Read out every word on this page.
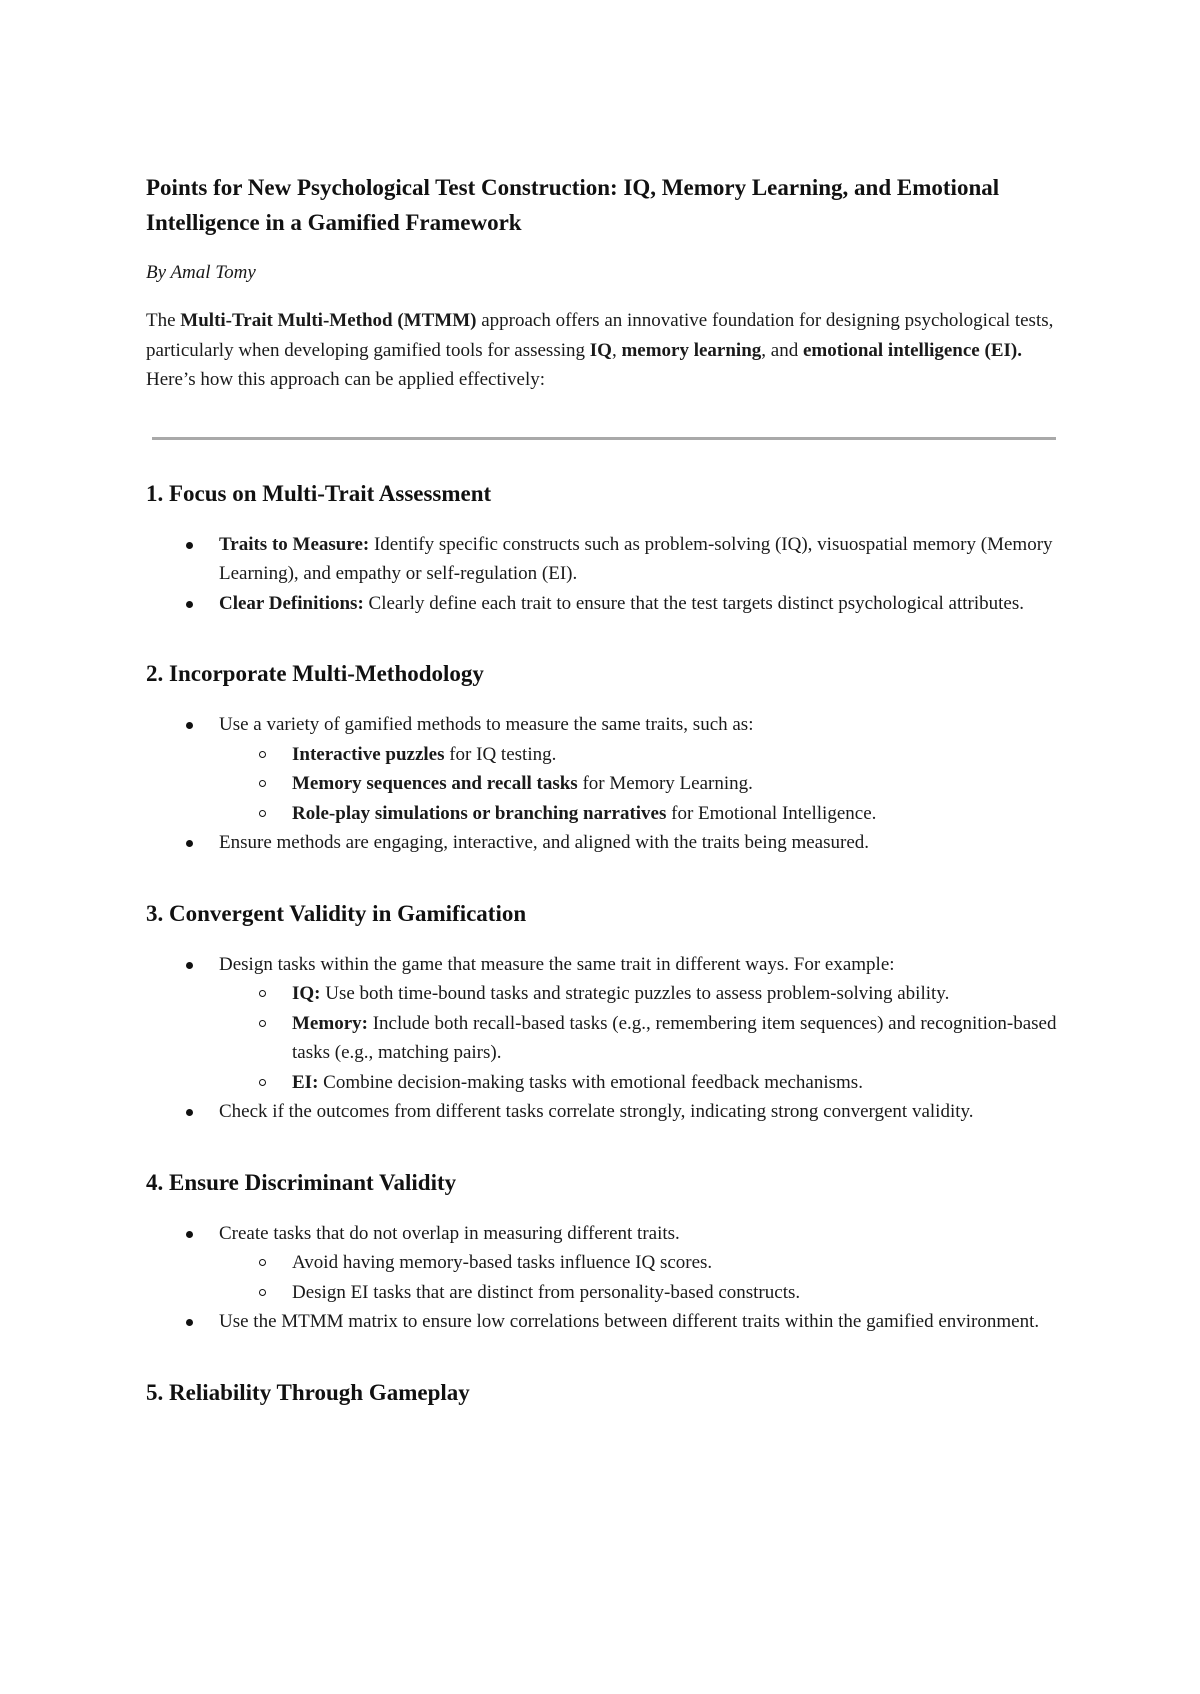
Points for New Psychological Test Construction: IQ, Memory Learning, and Emotional Intelligence in a Gamified Framework

By Amal Tomy

The Multi-Trait Multi-Method (MTMM) approach offers an innovative foundation for designing psychological tests, particularly when developing gamified tools for assessing IQ, memory learning, and emotional intelligence (EI). Here’s how this approach can be applied effectively:

1. Focus on Multi-Trait Assessment
Traits to Measure: Identify specific constructs such as problem-solving (IQ), visuospatial memory (Memory Learning), and empathy or self-regulation (EI).
Clear Definitions: Clearly define each trait to ensure that the test targets distinct psychological attributes.
2. Incorporate Multi-Methodology
Use a variety of gamified methods to measure the same traits, such as:
Interactive puzzles for IQ testing.
Memory sequences and recall tasks for Memory Learning.
Role-play simulations or branching narratives for Emotional Intelligence.
Ensure methods are engaging, interactive, and aligned with the traits being measured.
3. Convergent Validity in Gamification
Design tasks within the game that measure the same trait in different ways. For example:
IQ: Use both time-bound tasks and strategic puzzles to assess problem-solving ability.
Memory: Include both recall-based tasks (e.g., remembering item sequences) and recognition-based tasks (e.g., matching pairs).
EI: Combine decision-making tasks with emotional feedback mechanisms.
Check if the outcomes from different tasks correlate strongly, indicating strong convergent validity.
4. Ensure Discriminant Validity
Create tasks that do not overlap in measuring different traits.
Avoid having memory-based tasks influence IQ scores.
Design EI tasks that are distinct from personality-based constructs.
Use the MTMM matrix to ensure low correlations between different traits within the gamified environment.
5. Reliability Through Gameplay
